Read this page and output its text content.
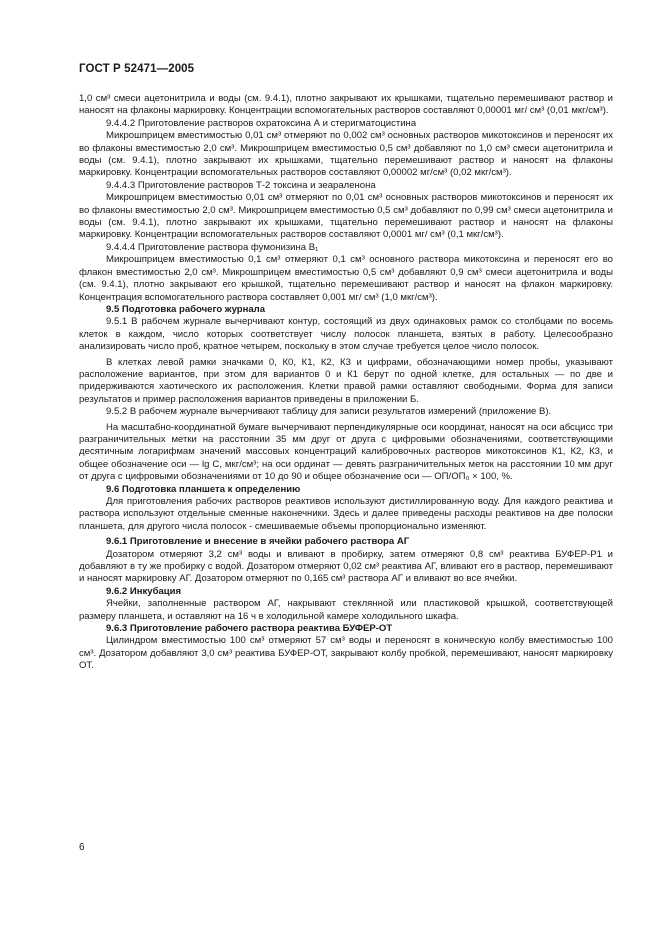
ГОСТ Р 52471—2005

1,0 см³ смеси ацетонитрила и воды (см. 9.4.1), плотно закрывают их крышками, тщательно перемешивают раствор и наносят на флаконы маркировку. Концентрации вспомогательных растворов составляют 0,00001 мг/ см³ (0,01 мкг/см³).

9.4.4.2 Приготовление растворов охратоксина А и стеригматоцистина

Микрошприцем вместимостью 0,01 см³ отмеряют по 0,002 см³ основных растворов микотоксинов и переносят их во флаконы вместимостью 2,0 см³. Микрошприцем вместимостью 0,5 см³ добавляют по 1,0 см³ смеси ацетонитрила и воды (см. 9.4.1), плотно закрывают их крышками, тщательно перемешивают раствор и наносят на флаконы маркировку. Концентрации вспомогательных растворов составляют 0,00002 мг/см³ (0,02 мкг/см³).

9.4.4.3 Приготовление растворов Т-2 токсина и зеараленона

Микрошприцем вместимостью 0,01 см³ отмеряют по 0,01 см³ основных растворов микотоксинов и переносят их во флаконы вместимостью 2,0 см³. Микрошприцем вместимостью 0,5 см³ добавляют по 0,99 см³ смеси ацетонитрила и воды (см. 9.4.1), плотно закрывают их крышками, тщательно перемешивают раствор и наносят на флаконы маркировку. Концентрации вспомогательных растворов составляют 0,0001 мг/ см³ (0,1 мкг/см³).

9.4.4.4 Приготовление раствора фумонизина В₁

Микрошприцем вместимостью 0,1 см³ отмеряют 0,1 см³ основного раствора микотоксина и переносят его во флакон вместимостью 2,0 см³. Микрошприцем вместимостью 0,5 см³ добавляют 0,9 см³ смеси ацетонитрила и воды (см. 9.4.1), плотно закрывают его крышкой, тщательно перемешивают раствор и наносят на флакон маркировку. Концентрация вспомогательного раствора составляет 0,001 мг/ см³ (1,0 мкг/см³).

9.5 Подготовка рабочего журнала

9.5.1 В рабочем журнале вычерчивают контур, состоящий из двух одинаковых рамок со столбцами по восемь клеток в каждом, число которых соответствует числу полосок планшета, взятых в работу. Целесообразно анализировать число проб, кратное четырем, поскольку в этом случае требуется целое число полосок.

В клетках левой рамки значками 0, К0, К1, К2, К3 и цифрами, обозначающими номер пробы, указывают расположение вариантов, при этом для вариантов 0 и К1 берут по одной клетке, для остальных — по две и придерживаются хаотического их расположения. Клетки правой рамки оставляют свободными. Форма для записи результатов и пример расположения вариантов приведены в приложении Б.

9.5.2 В рабочем журнале вычерчивают таблицу для записи результатов измерений (приложение В).

На масштабно-координатной бумаге вычерчивают перпендикулярные оси координат, наносят на оси абсцисс три разграничительных метки на расстоянии 35 мм друг от друга с цифровыми обозначениями, соответствующими десятичным логарифмам значений массовых концентраций калибровочных растворов микотоксинов К1, К2, К3, и общее обозначение оси — lg C, мкг/см³; на оси ординат — девять разграничительных меток на расстоянии 10 мм друг от друга с цифровыми обозначениями от 10 до 90 и общее обозначение оси — ОП/ОП₀ × 100, %.

9.6 Подготовка планшета к определению

Для приготовления рабочих растворов реактивов используют дистиллированную воду. Для каждого реактива и раствора используют отдельные сменные наконечники. Здесь и далее приведены расходы реактивов на две полоски планшета, для другого числа полосок - смешиваемые объемы пропорционально изменяют.

9.6.1 Приготовление и внесение в ячейки рабочего раствора АГ

Дозатором отмеряют 3,2 см³ воды и вливают в пробирку, затем отмеряют 0,8 см³ реактива БУФЕР-Р1 и добавляют в ту же пробирку с водой. Дозатором отмеряют 0,02 см³ реактива АГ, вливают его в раствор, перемешивают и наносят маркировку АГ. Дозатором отмеряют по 0,165 см³ раствора АГ и вливают во все ячейки.

9.6.2 Инкубация

Ячейки, заполненные раствором АГ, накрывают стеклянной или пластиковой крышкой, соответствующей размеру планшета, и оставляют на 16 ч в холодильной камере холодильного шкафа.

9.6.3 Приготовление рабочего раствора реактива БУФЕР-ОТ

Цилиндром вместимостью 100 см³ отмеряют 57 см³ воды и переносят в коническую колбу вместимостью 100 см³. Дозатором добавляют 3,0 см³ реактива БУФЕР-ОТ, закрывают колбу пробкой, перемешивают, наносят маркировку ОТ.

6
